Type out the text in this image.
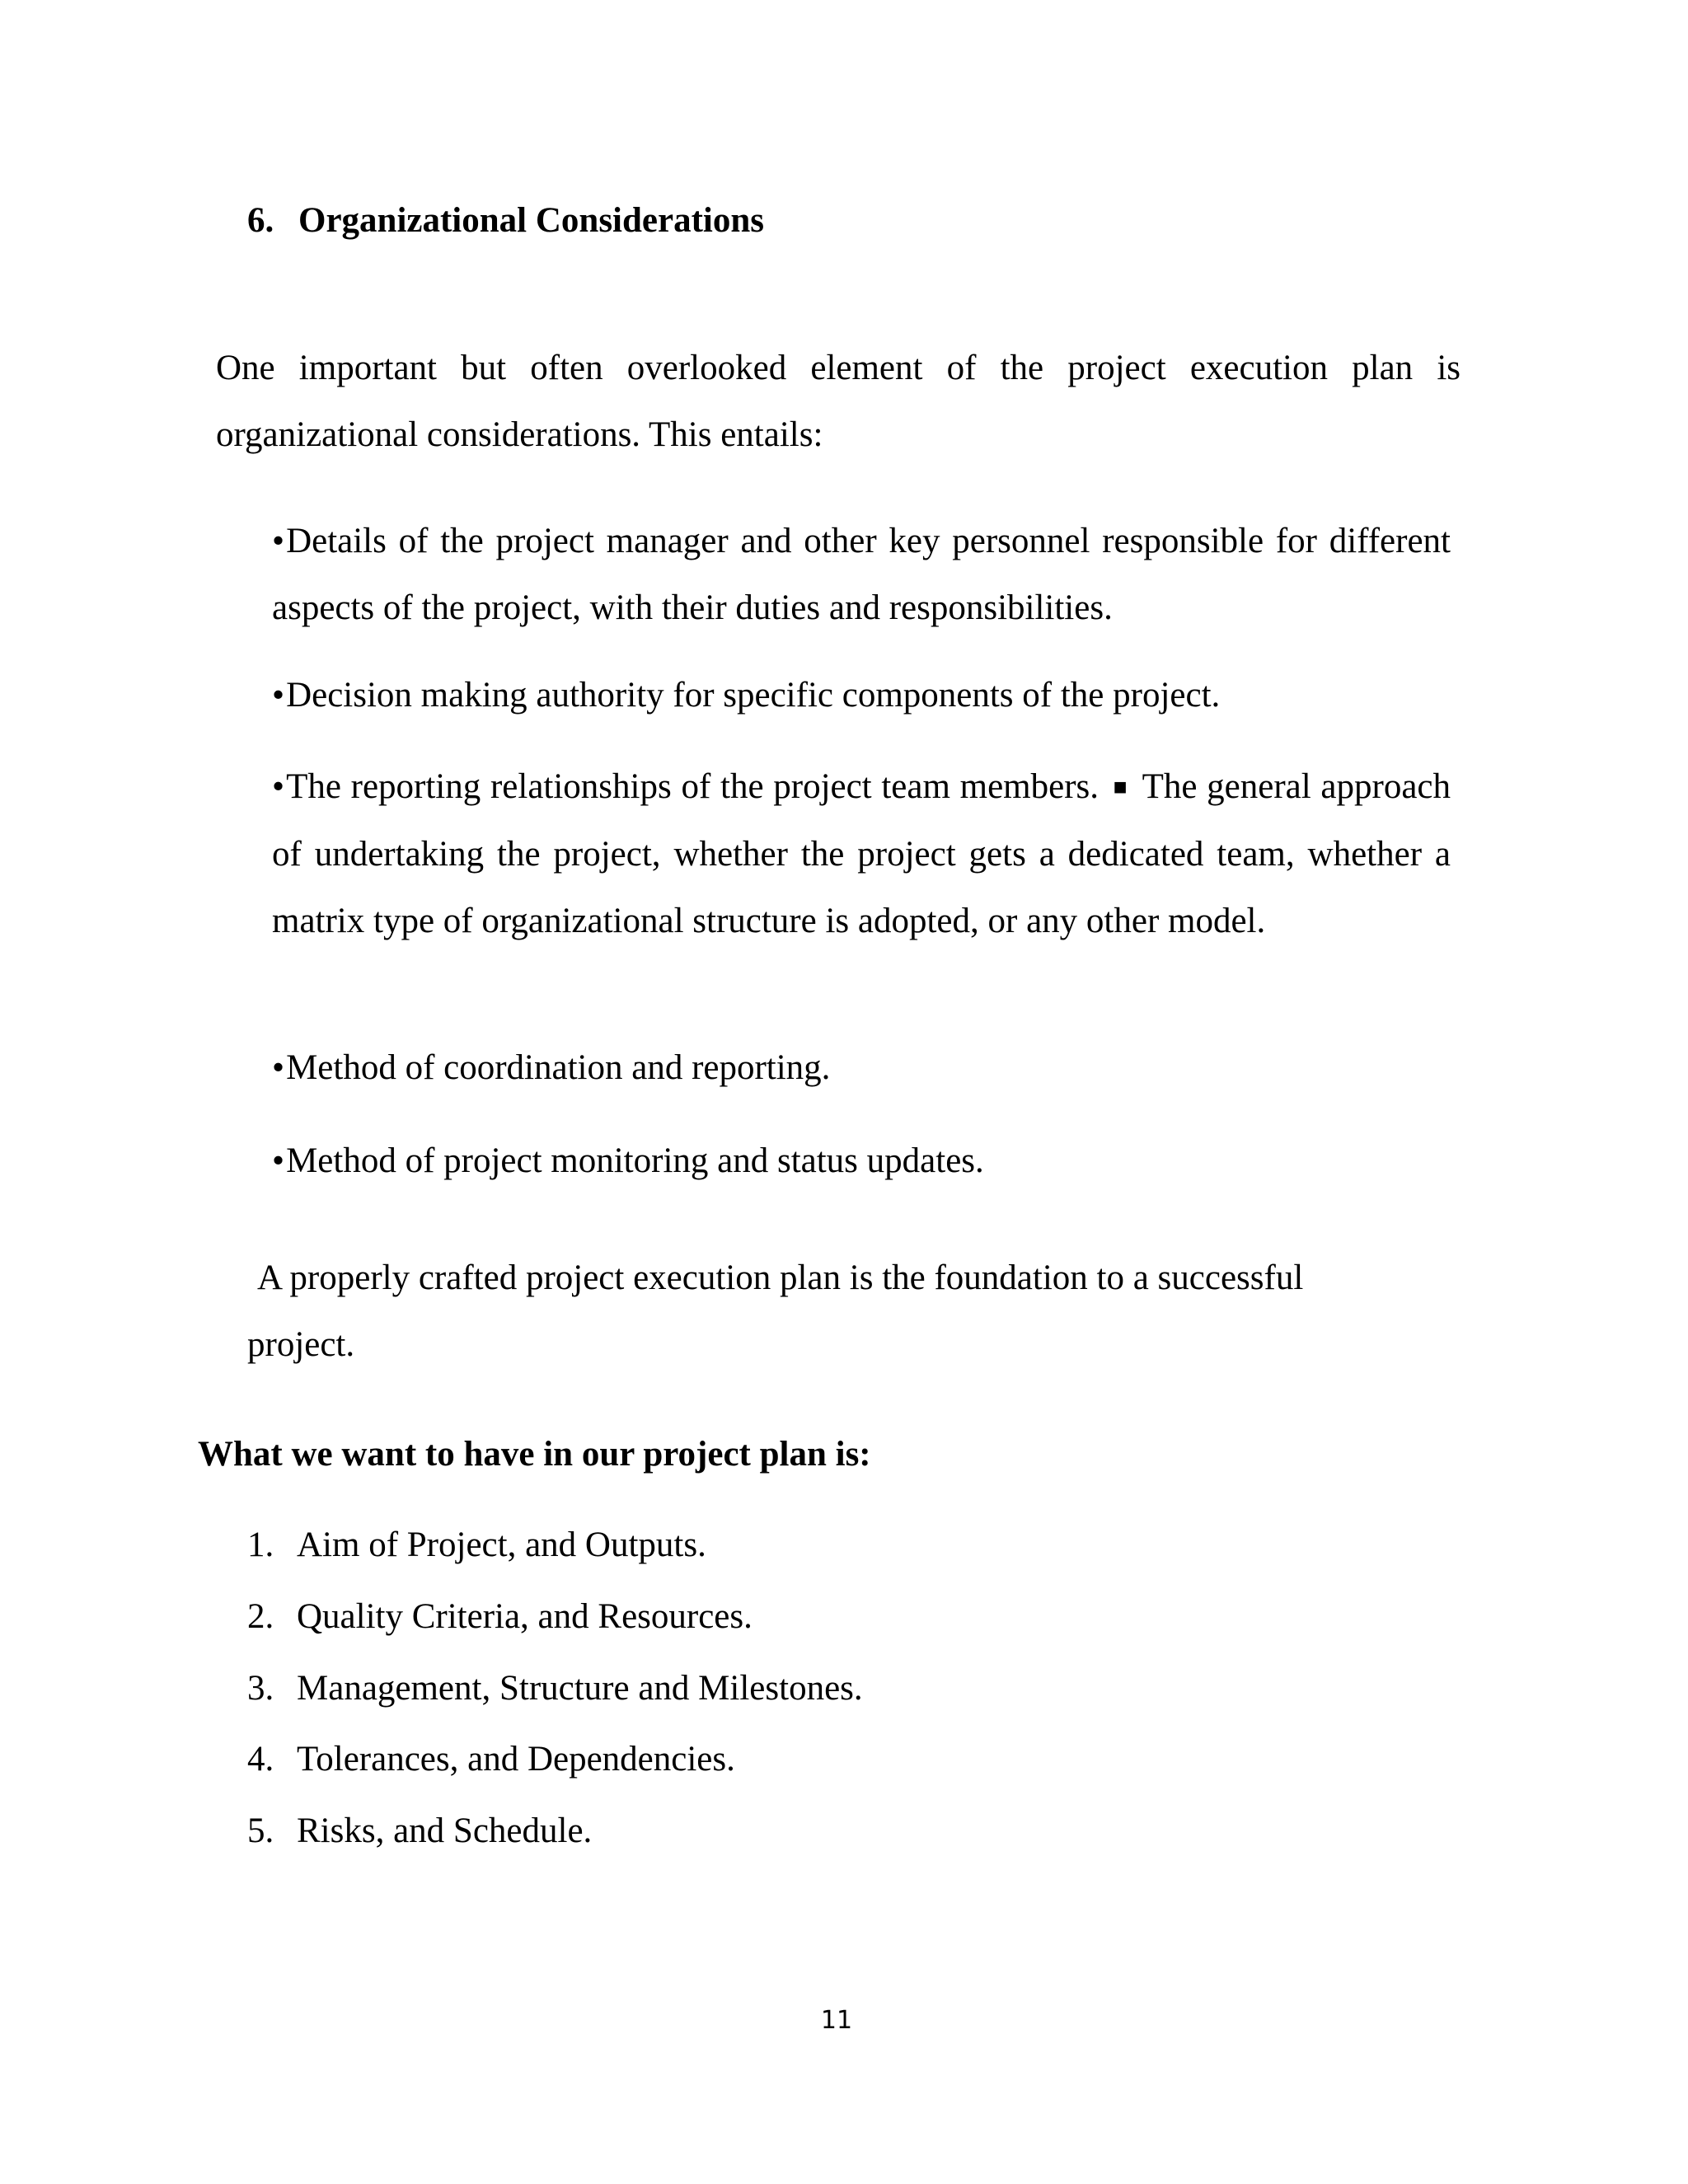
6. Organizational Considerations
One important but often overlooked element of the project execution plan is organizational considerations. This entails:
•Details of the project manager and other key personnel responsible for different aspects of the project, with their duties and responsibilities.
•Decision making authority for specific components of the project.
•The reporting relationships of the project team members. ■ The general approach of undertaking the project, whether the project gets a dedicated team, whether a matrix type of organizational structure is adopted, or any other model.
•Method of coordination and reporting.
•Method of project monitoring and status updates.
A properly crafted project execution plan is the foundation to a successful
project.
What we want to have in our project plan is:
1. Aim of Project, and Outputs.
2. Quality Criteria, and Resources.
3. Management, Structure and Milestones.
4. Tolerances, and Dependencies.
5. Risks, and Schedule.
11
